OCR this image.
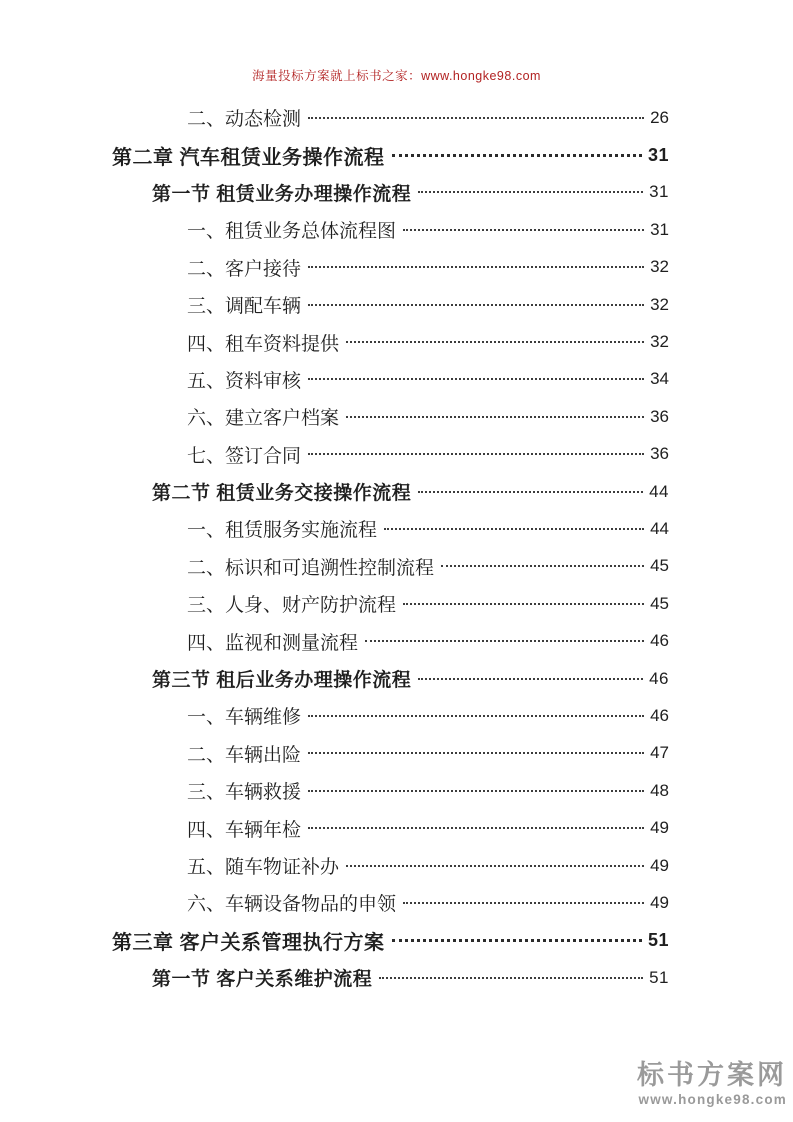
海量投标方案就上标书之家：www.hongke98.com
二、动态检测	26
第二章 汽车租赁业务操作流程	31
第一节 租赁业务办理操作流程	31
一、租赁业务总体流程图	31
二、客户接待	32
三、调配车辆	32
四、租车资料提供	32
五、资料审核	34
六、建立客户档案	36
七、签订合同	36
第二节 租赁业务交接操作流程	44
一、租赁服务实施流程	44
二、标识和可追溯性控制流程	45
三、人身、财产防护流程	45
四、监视和测量流程	46
第三节 租后业务办理操作流程	46
一、车辆维修	46
二、车辆出险	47
三、车辆救援	48
四、车辆年检	49
五、随车物证补办	49
六、车辆设备物品的申领	49
第三章 客户关系管理执行方案	51
第一节 客户关系维护流程	51
标书方案网
www.hongke98.com
